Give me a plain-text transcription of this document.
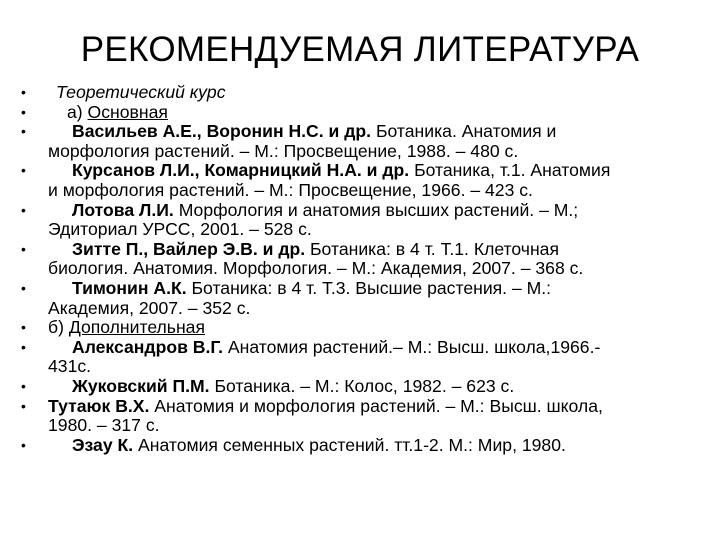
РЕКОМЕНДУЕМАЯ ЛИТЕРАТУРА
• Теоретический курс
• а) Основная
•	Васильев А.Е., Воронин Н.С. и др. Ботаника. Анатомия и
морфология растений. – М.: Просвещение, 1988. – 480 с.
•	Курсанов Л.И., Комарницкий Н.А. и др. Ботаника, т.1. Анатомия
и морфология растений. – М.: Просвещение, 1966. – 423 с.
•	Лотова Л.И. Морфология и анатомия высших растений. – М.;
Эдиториал УРСС, 2001. – 528 с.
•	Зитте П., Вайлер Э.В. и др. Ботаника: в 4 т. Т.1. Клеточная
биология. Анатомия. Морфология. – М.: Академия, 2007. – 368 с.
•	Тимонин А.К. Ботаника: в 4 т. Т.3. Высшие растения. – М.:
Академия, 2007. – 352 с.
• б) Дополнительная
•	Александров В.Г. Анатомия растений.– М.: Высш. школа,1966.-
431с.
•	Жуковский П.М. Ботаника. – М.: Колос, 1982. – 623 с.
• Тутаюк В.Х. Анатомия и морфология растений. – М.: Высш. школа,
1980. – 317 с.
•	Эзау К. Анатомия семенных растений. тт.1-2. М.: Мир, 1980.
